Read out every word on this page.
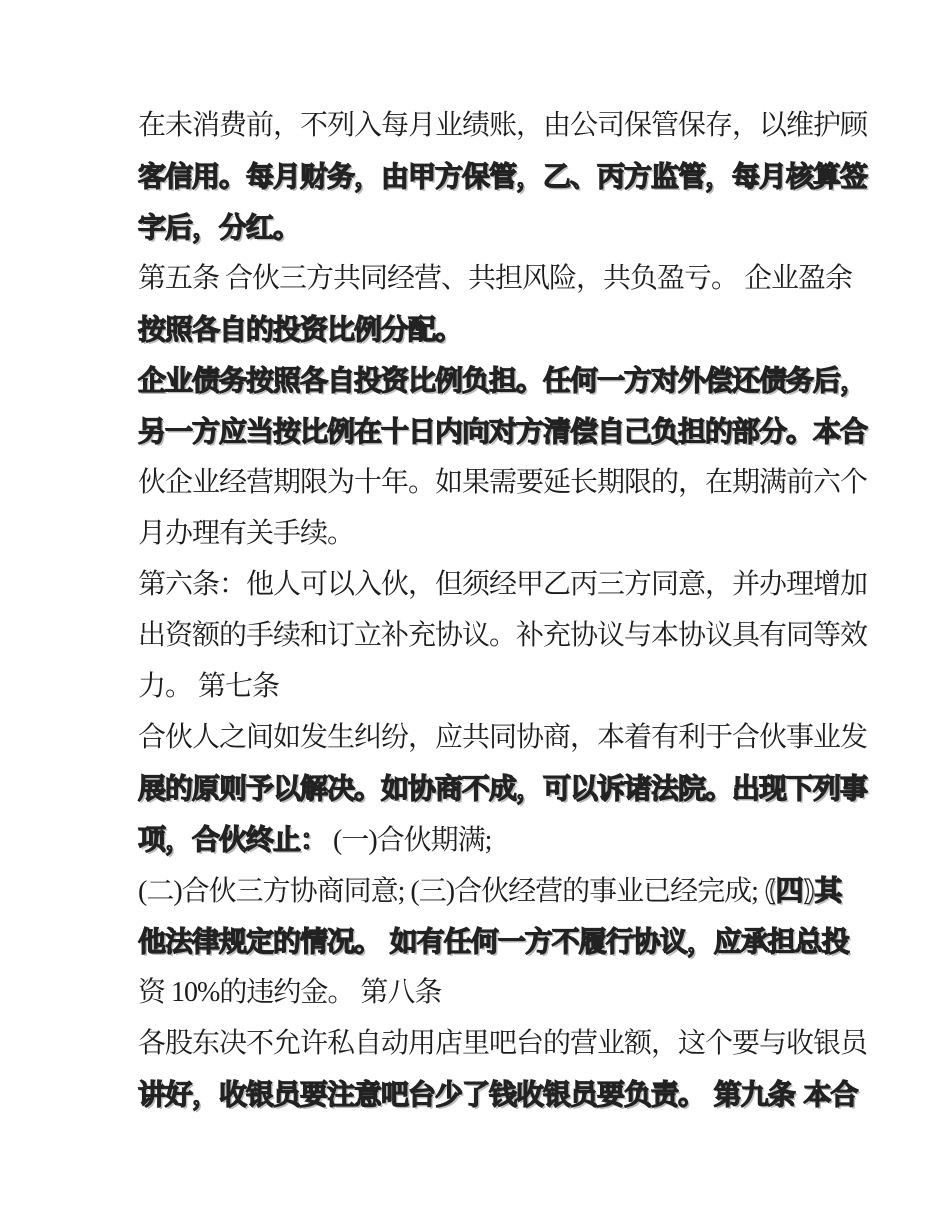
在未消费前，不列入每月业绩账，由公司保管保存，以维护顾
客信用。每月财务，由甲方保管，乙、丙方监管，每月核算签
字后，分红。
第五条 合伙三方共同经营、共担风险，共负盈亏。 企业盈余
按照各自的投资比例分配。
企业债务按照各自投资比例负担。任何一方对外偿还债务后，
另一方应当按比例在十日内向对方清偿自己负担的部分。本合
伙企业经营期限为十年。如果需要延长期限的，在期满前六个
月办理有关手续。
第六条：他人可以入伙，但须经甲乙丙三方同意，并办理增加
出资额的手续和订立补充协议。补充协议与本协议具有同等效
力。 第七条
合伙人之间如发生纠纷，应共同协商，本着有利于合伙事业发
展的原则予以解决。如协商不成，可以诉诸法院。出现下列事
项，合伙终止： (一)合伙期满;
(二)合伙三方协商同意; (三)合伙经营的事业已经完成; (四)其
他法律规定的情况。 如有任何一方不履行协议，应承担总投
资 10%的违约金。 第八条
各股东决不允许私自动用店里吧台的营业额，这个要与收银员
讲好，收银员要注意吧台少了钱收银员要负责。 第九条 本合
